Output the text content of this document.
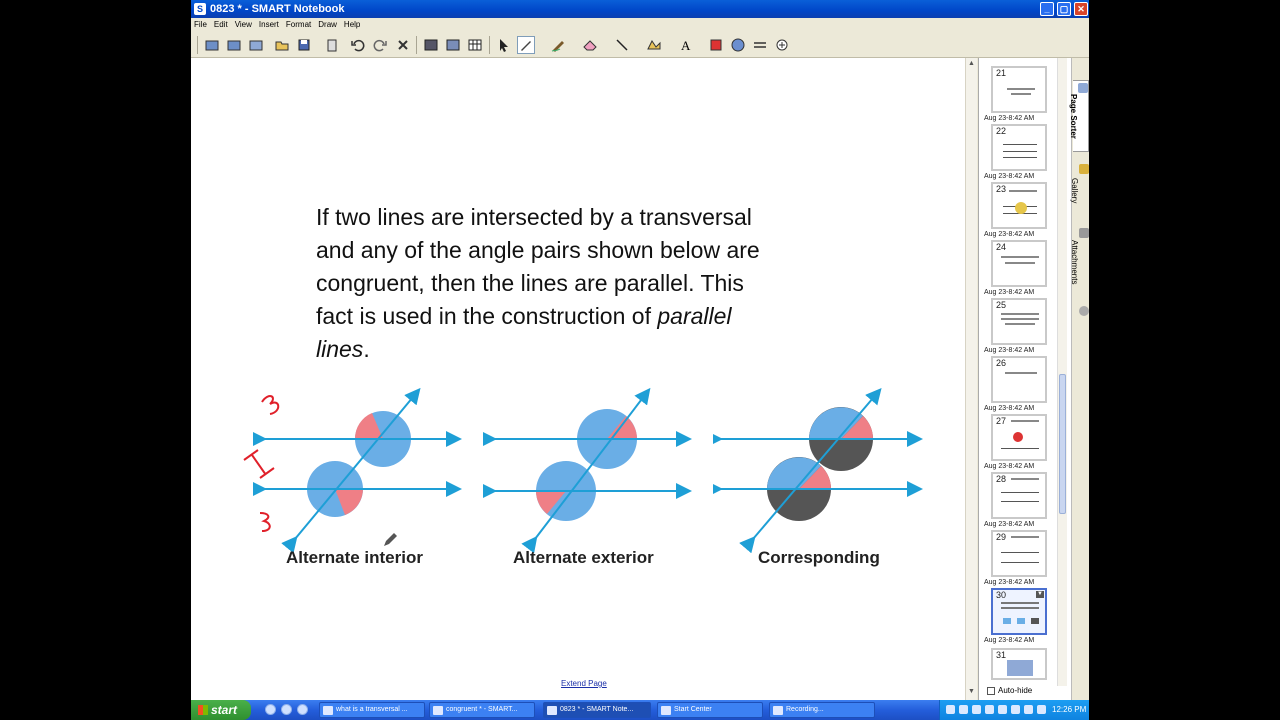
S 0823 * - SMART Notebook	_	▢ ✕
File Edit View Insert Format Draw Help
A
If two lines are intersected by a transversal
and any of the angle pairs shown below are
congruent, then the lines are parallel. This
fact is used in the construction of parallel
lines.
Alternate interior	Alternate exterior	Corresponding
Extend Page
▲
▼
21
Aug 23-8:42 AM
22
Aug 23-8:42 AM
23
Aug 23-8:42 AM
24
Aug 23-8:42 AM
25
Aug 23-8:42 AM
26
Aug 23-8:42 AM
27
Aug 23-8:42 AM
28
Aug 23-8:42 AM
29
Aug 23-8:42 AM
30	▼
Aug 23-8:42 AM
31
Auto-hide
Page Sorter
Gallery
Attachments
start	what is a transversal ...	congruent * - SMART...	0823 * - SMART Note...	Start Center	Recording...	12:26 PM
